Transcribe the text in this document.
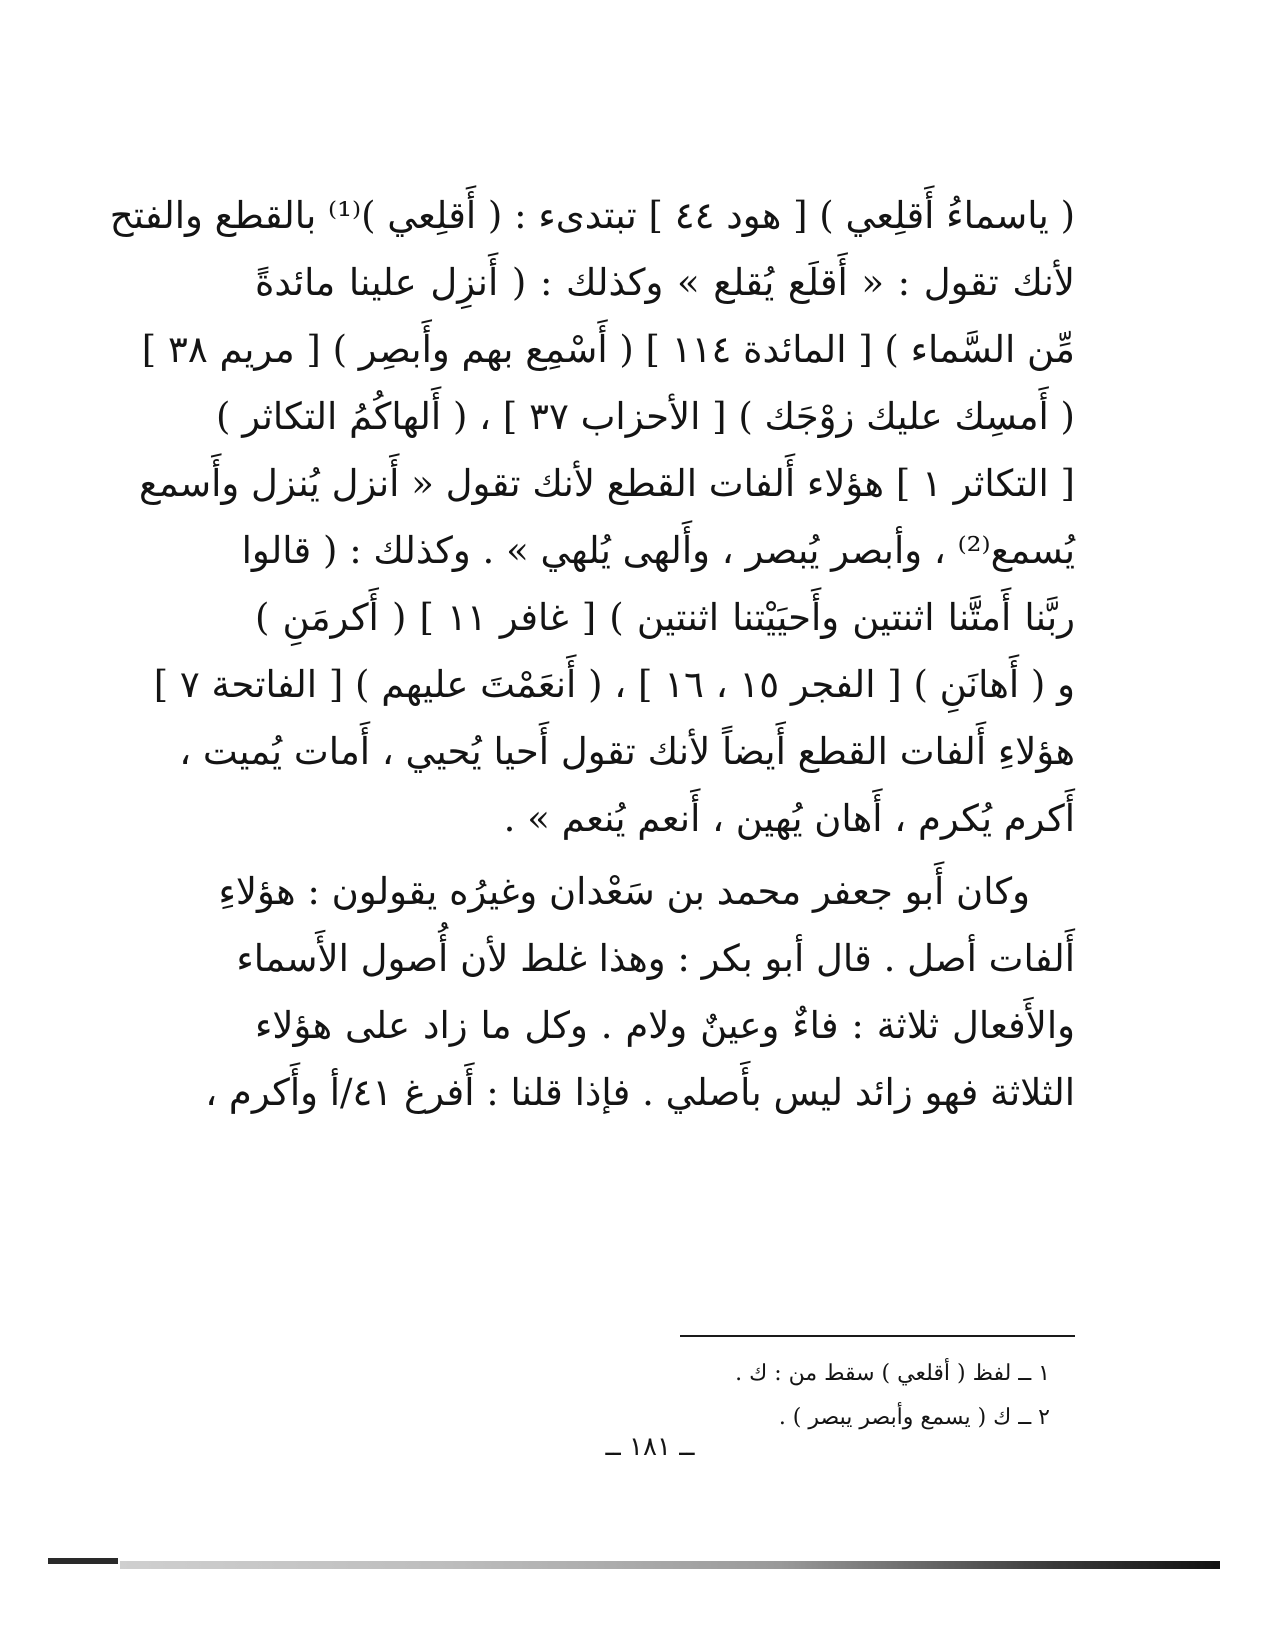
( ياسماءُ أَقلِعي ) [ هود ٤٤ ] تبتدىء : ( أَقلِعي )⁽¹⁾ بالقطع والفتح
لأنك تقول : « أَقلَع يُقلع » وكذلك : ( أَنزِل علينا مائدةً
مِّن السَّماء ) [ المائدة ١١٤ ] ( أَسْمِع بهم وأَبصِر ) [ مريم ٣٨ ]
( أَمسِك عليك زوْجَك ) [ الأحزاب ٣٧ ] ، ( أَلهاكُمُ التكاثر )
[ التكاثر ١ ] هؤلاء أَلفات القطع لأنك تقول « أَنزل يُنزل وأَسمع
يُسمع⁽²⁾ ، وأبصر يُبصر ، وأَلهى يُلهي » . وكذلك : ( قالوا
ربَّنا أَمتَّنا اثنتين وأَحيَيْتنا اثنتين ) [ غافر ١١ ] ( أَكرمَنِ )
و ( أَهانَنِ ) [ الفجر ١٥ ، ١٦ ] ، ( أَنعَمْتَ عليهم ) [ الفاتحة ٧ ]
هؤلاءِ أَلفات القطع أَيضاً لأنك تقول أَحيا يُحيي ، أَمات يُميت ،
أَكرم يُكرم ، أَهان يُهين ، أَنعم يُنعم » .
وكان أَبو جعفر محمد بن سَعْدان وغيرُه يقولون : هؤلاءِ
أَلفات أصل . قال أبو بكر : وهذا غلط لأن أُصول الأَسماء
والأَفعال ثلاثة : فاءٌ وعينٌ ولام . وكل ما زاد على هؤلاء
الثلاثة فهو زائد ليس بأَصلي . فإذا قلنا : أَفرغ ٤١/أ وأَكرم ،
١ ــ لفظ ( أقلعي ) سقط من : ك .
٢ ــ ك ( يسمع وأبصر يبصر ) .
ــ ١٨١ ــ
